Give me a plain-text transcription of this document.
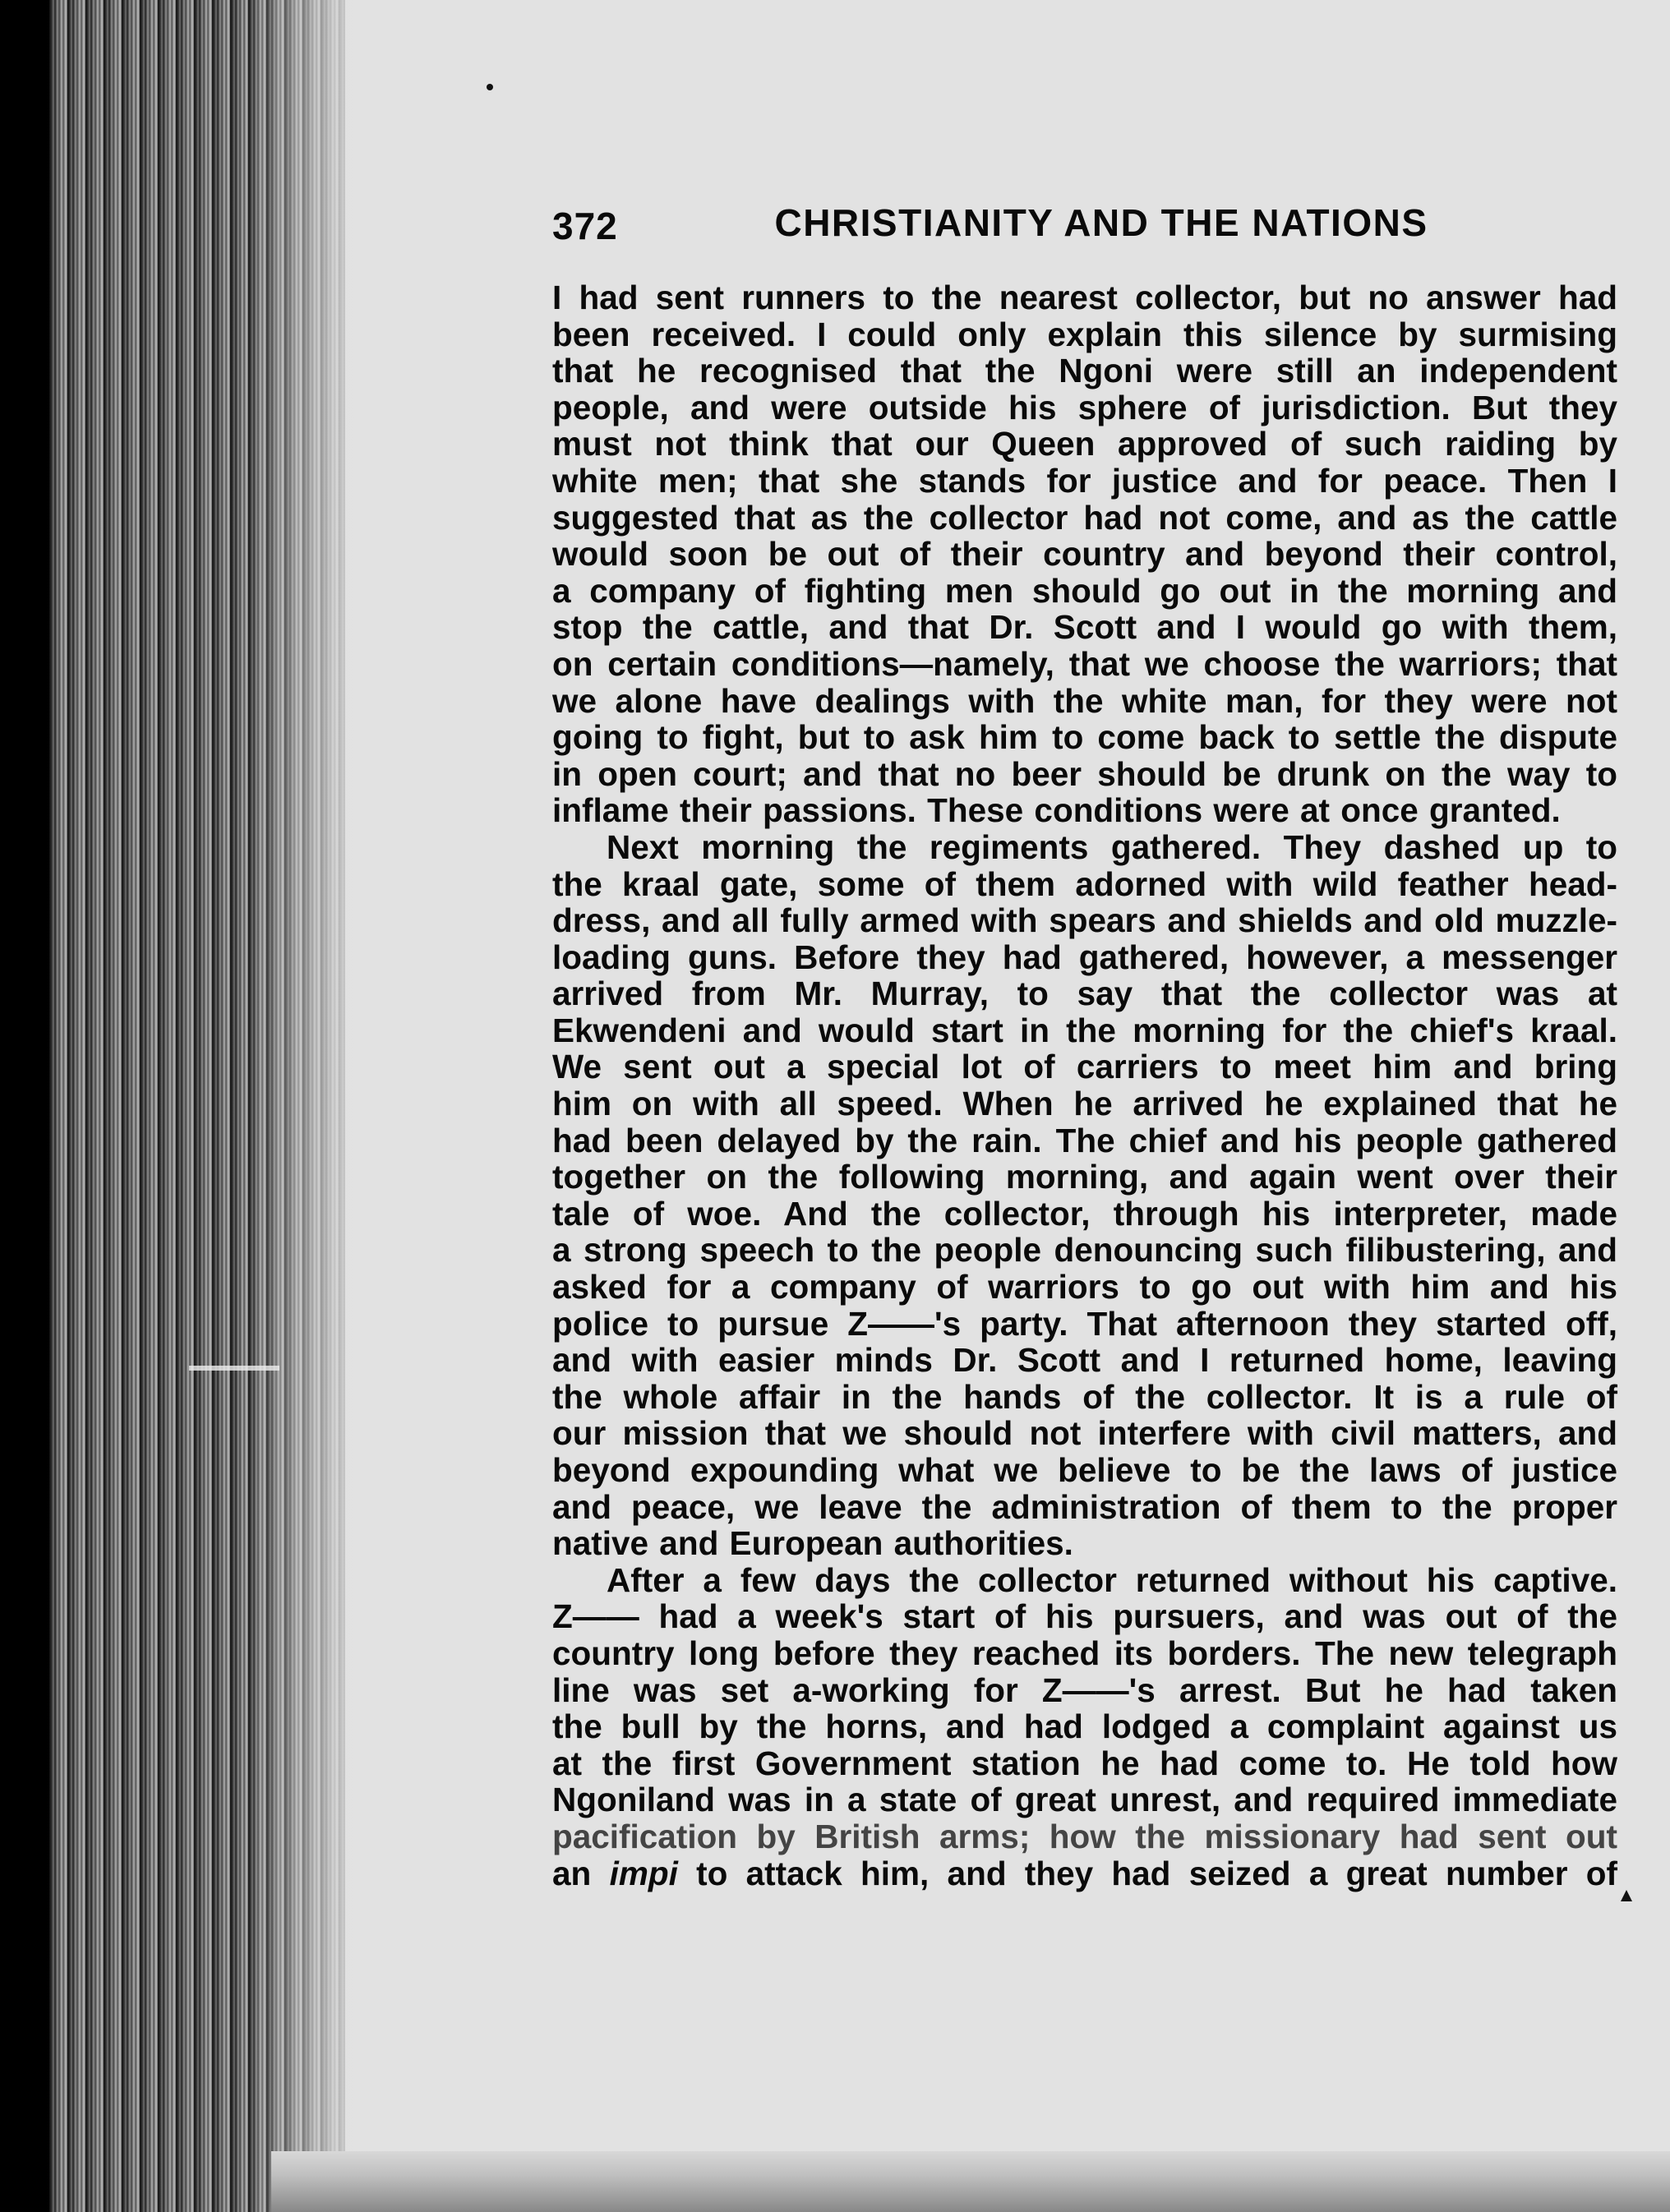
372	CHRISTIANITY AND THE NATIONS
I had sent runners to the nearest collector, but no answer had
been received. I could only explain this silence by surmising
that he recognised that the Ngoni were still an independent
people, and were outside his sphere of jurisdiction. But they
must not think that our Queen approved of such raiding by
white men; that she stands for justice and for peace. Then I
suggested that as the collector had not come, and as the cattle
would soon be out of their country and beyond their control,
a company of fighting men should go out in the morning and
stop the cattle, and that Dr. Scott and I would go with them,
on certain conditions—namely, that we choose the warriors; that
we alone have dealings with the white man, for they were not
going to fight, but to ask him to come back to settle the dispute
in open court; and that no beer should be drunk on the way to
inflame their passions. These conditions were at once granted.
Next morning the regiments gathered. They dashed up to
the kraal gate, some of them adorned with wild feather head-
dress, and all fully armed with spears and shields and old muzzle-
loading guns. Before they had gathered, however, a messenger
arrived from Mr. Murray, to say that the collector was at
Ekwendeni and would start in the morning for the chief's kraal.
We sent out a special lot of carriers to meet him and bring
him on with all speed. When he arrived he explained that he
had been delayed by the rain. The chief and his people gathered
together on the following morning, and again went over their
tale of woe. And the collector, through his interpreter, made
a strong speech to the people denouncing such filibustering, and
asked for a company of warriors to go out with him and his
police to pursue Z——'s party. That afternoon they started off,
and with easier minds Dr. Scott and I returned home, leaving
the whole affair in the hands of the collector. It is a rule of
our mission that we should not interfere with civil matters, and
beyond expounding what we believe to be the laws of justice
and peace, we leave the administration of them to the proper
native and European authorities.
After a few days the collector returned without his captive.
Z—— had a week's start of his pursuers, and was out of the
country long before they reached its borders. The new telegraph
line was set a-working for Z——'s arrest. But he had taken
the bull by the horns, and had lodged a complaint against us
at the first Government station he had come to. He told how
Ngoniland was in a state of great unrest, and required immediate
pacification by British arms; how the missionary had sent out
an impi to attack him, and they had seized a great number of
